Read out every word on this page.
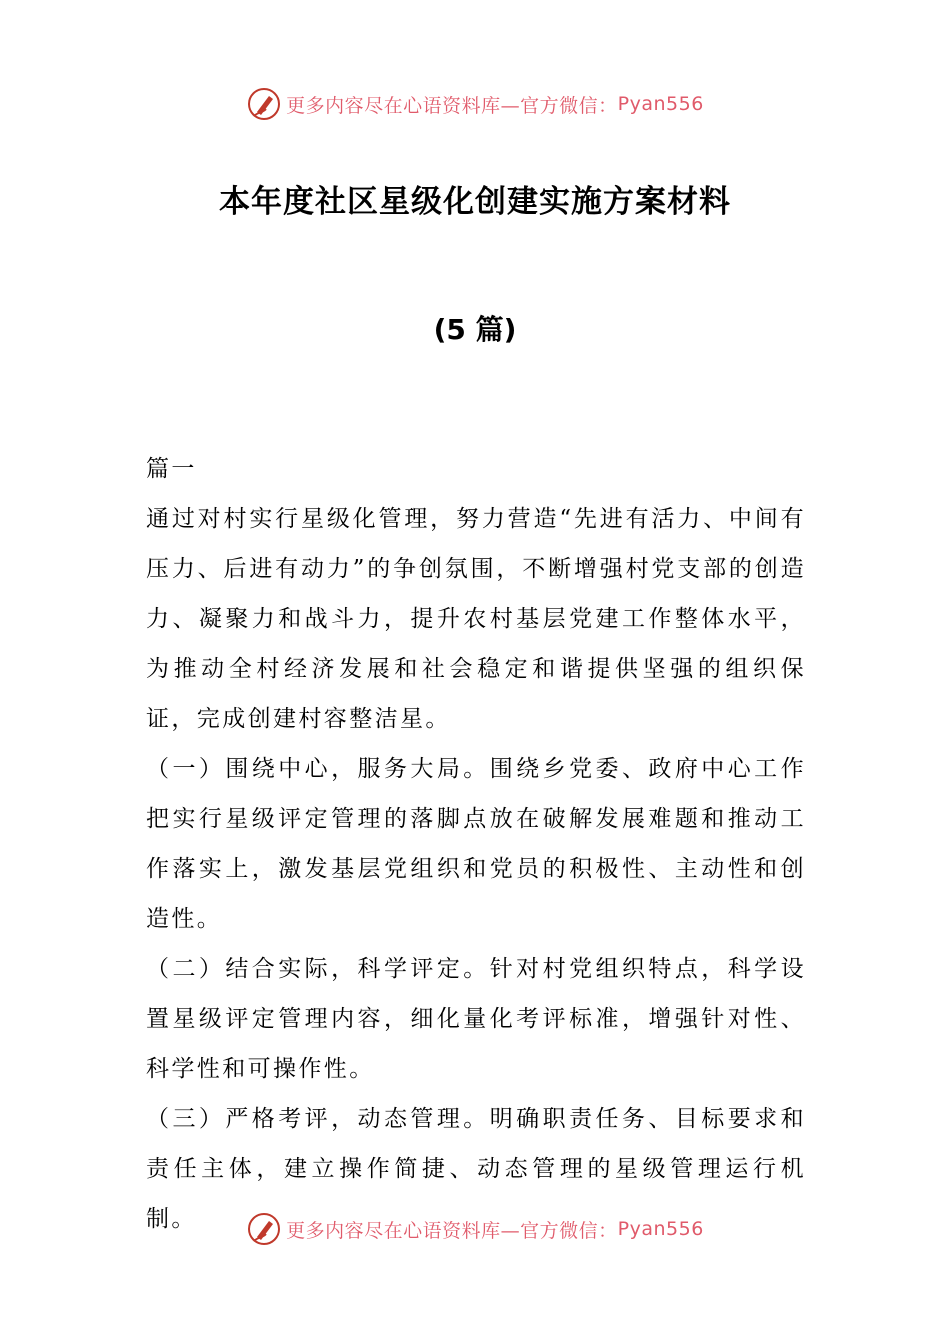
更多内容尽在心语资料库—官方微信： Pyan556
本年度社区星级化创建实施方案材料
(5 篇)

篇一

通过对村实行星级化管理，努力营造“先进有活力、中间有压力、后进有动力”的争创氛围，不断增强村党支部的创造力、凝聚力和战斗力，提升农村基层党建工作整体水平，为推动全村经济发展和社会稳定和谐提供坚强的组织保证，完成创建村容整洁星。

（一）围绕中心，服务大局。围绕乡党委、政府中心工作把实行星级评定管理的落脚点放在破解发展难题和推动工作落实上，激发基层党组织和党员的积极性、主动性和创造性。

（二）结合实际，科学评定。针对村党组织特点，科学设置星级评定管理内容，细化量化考评标准，增强针对性、科学性和可操作性。

（三）严格考评，动态管理。明确职责任务、目标要求和责任主体，建立操作简捷、动态管理的星级管理运行机制。	更多内容尽在心语资料库—官方微信： Pyan556
